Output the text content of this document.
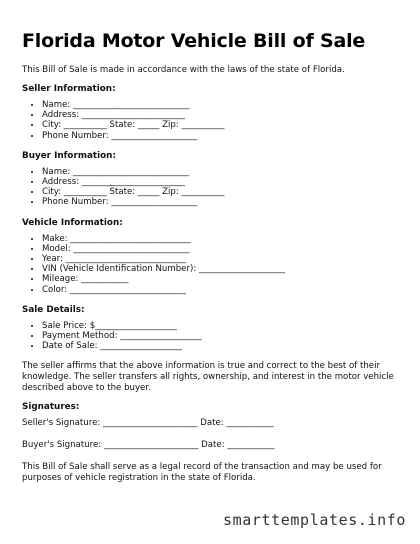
Florida Motor Vehicle Bill of Sale

This Bill of Sale is made in accordance with the laws of the state of Florida.

Seller Information:
• Name: ___________________________
• Address: ________________________
• City: __________ State: _____ Zip: __________
• Phone Number: ____________________
Buyer Information:
• Name: ___________________________
• Address: ________________________
• City: __________ State: _____ Zip: __________
• Phone Number: ____________________
Vehicle Information:
• Make: ____________________________
• Model: ___________________________
• Year: ____________________________
• VIN (Vehicle Identification Number): ____________________
• Mileage: ___________
• Color: ___________________________
Sale Details:
• Sale Price: $___________________
• Payment Method: ___________________
• Date of Sale: ___________________

The seller affirms that the above information is true and correct to the best of their knowledge. The seller transfers all rights, ownership, and interest in the motor vehicle described above to the buyer.

Signatures:

Seller's Signature: ______________________ Date: ___________

Buyer's Signature: ______________________ Date: ___________

This Bill of Sale shall serve as a legal record of the transaction and may be used for purposes of vehicle registration in the state of Florida.

smarttemplates.info
